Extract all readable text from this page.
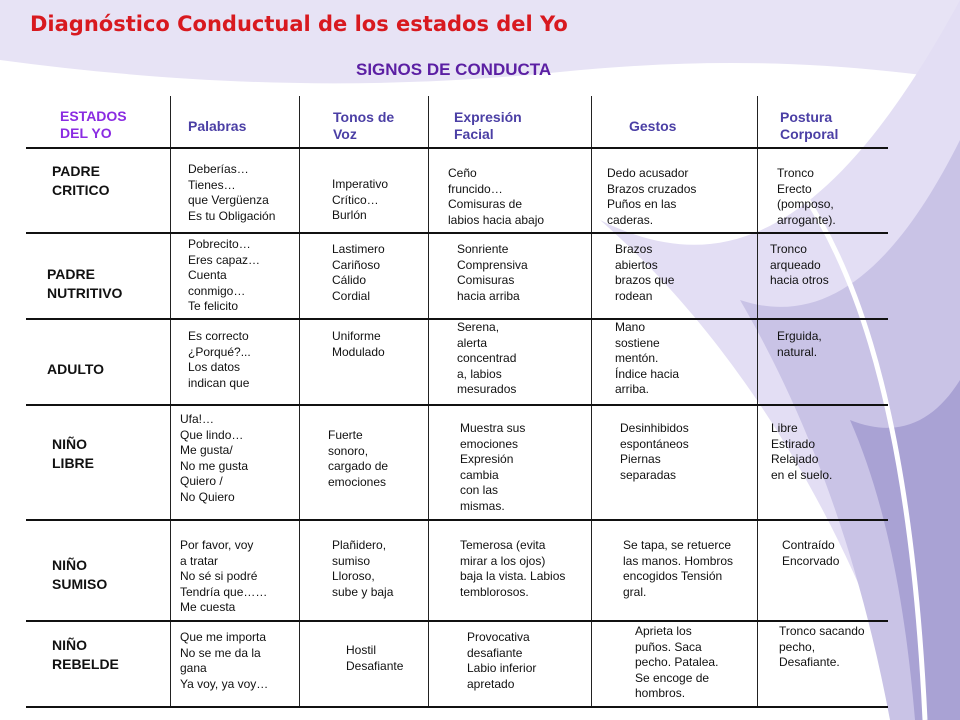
Diagnóstico Conductual de los estados del Yo
SIGNOS DE CONDUCTA
ESTADOS
DEL YO	Palabras
Tonos de
Voz
Expresión
Facial	Gestos
Postura
Corporal
PADRE
CRITICO
Deberías…
Tienes…
que Vergüenza
Es tu Obligación
Imperativo
Crítico…
Burlón
Ceño
fruncido…
Comisuras de
labios hacia abajo
Dedo acusador
Brazos cruzados
Puños en las
caderas.
Tronco
Erecto
(pomposo,
arrogante).
PADRE
NUTRITIVO
Pobrecito…
Eres capaz…
Cuenta
conmigo…
Te felicito
Lastimero
Cariñoso
Cálido
Cordial
Sonriente
Comprensiva
Comisuras
hacia arriba
Brazos
abiertos
brazos que
rodean
Tronco
arqueado
hacia otros
ADULTO
Es correcto
¿Porqué?...
Los datos
indican que
Uniforme
Modulado
Serena,
alerta
concentrad
a, labios
mesurados
Mano
sostiene
mentón.
Índice hacia
arriba.
Erguida,
natural.
NIÑO
LIBRE
Ufa!…
Que lindo…
Me gusta/
No me gusta
Quiero /
No Quiero
Fuerte
sonoro,
cargado de
emociones
Muestra sus
emociones
Expresión
cambia
con las
mismas.
Desinhibidos
espontáneos
Piernas
separadas
Libre
Estirado
Relajado
en el suelo.
NIÑO
SUMISO
Por favor, voy
a tratar
No sé si podré
Tendría que……
Me cuesta
Plañidero,
sumiso
Lloroso,
sube y baja
Temerosa (evita
mirar a los ojos)
baja la vista. Labios
temblorosos.
Se tapa, se retuerce
las manos. Hombros
encogidos Tensión
gral.
Contraído
Encorvado
NIÑO
REBELDE
Que me importa
No se me da la
gana
Ya voy, ya voy…
Hostil
Desafiante
Provocativa
desafiante
Labio inferior
apretado
Aprieta los
puños. Saca
pecho. Patalea.
Se encoge de
hombros.
Tronco sacando
pecho,
Desafiante.
